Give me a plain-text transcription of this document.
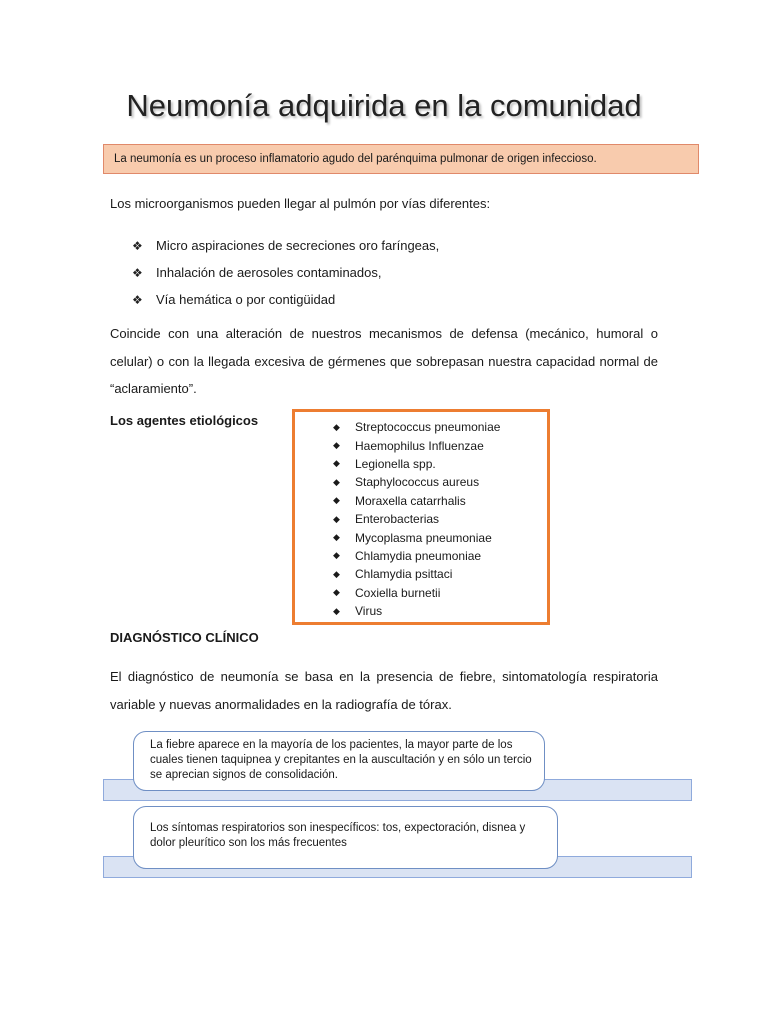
Neumonía adquirida en la comunidad
La neumonía es un proceso inflamatorio agudo del parénquima pulmonar de origen infeccioso.

Los microorganismos pueden llegar al pulmón por vías diferentes:

❖	Micro aspiraciones de secreciones oro faríngeas,
❖	Inhalación de aerosoles contaminados,
❖	Vía hemática o por contigüidad

Coincide con una alteración de nuestros mecanismos de defensa (mecánico, humoral o celular) o con la llegada excesiva de gérmenes que sobrepasan nuestra capacidad normal de “aclaramiento”.

Los agentes etiológicos	◆	Streptococcus pneumoniae
◆	Haemophilus Influenzae
◆	Legionella spp.
◆	Staphylococcus aureus
◆	Moraxella catarrhalis
◆	Enterobacterias
◆	Mycoplasma pneumoniae
◆	Chlamydia pneumoniae
◆	Chlamydia psittaci
◆	Coxiella burnetii
◆	Virus

DIAGNÓSTICO CLÍNICO

El diagnóstico de neumonía se basa en la presencia de fiebre, sintomatología respiratoria variable y nuevas anormalidades en la radiografía de tórax.

La fiebre aparece en la mayoría de los pacientes, la mayor parte de los cuales tienen taquipnea y crepitantes en la auscultación y en sólo un tercio se aprecian signos de consolidación.
Los síntomas respiratorios son inespecíficos: tos, expectoración, disnea y dolor pleurítico son los más frecuentes
